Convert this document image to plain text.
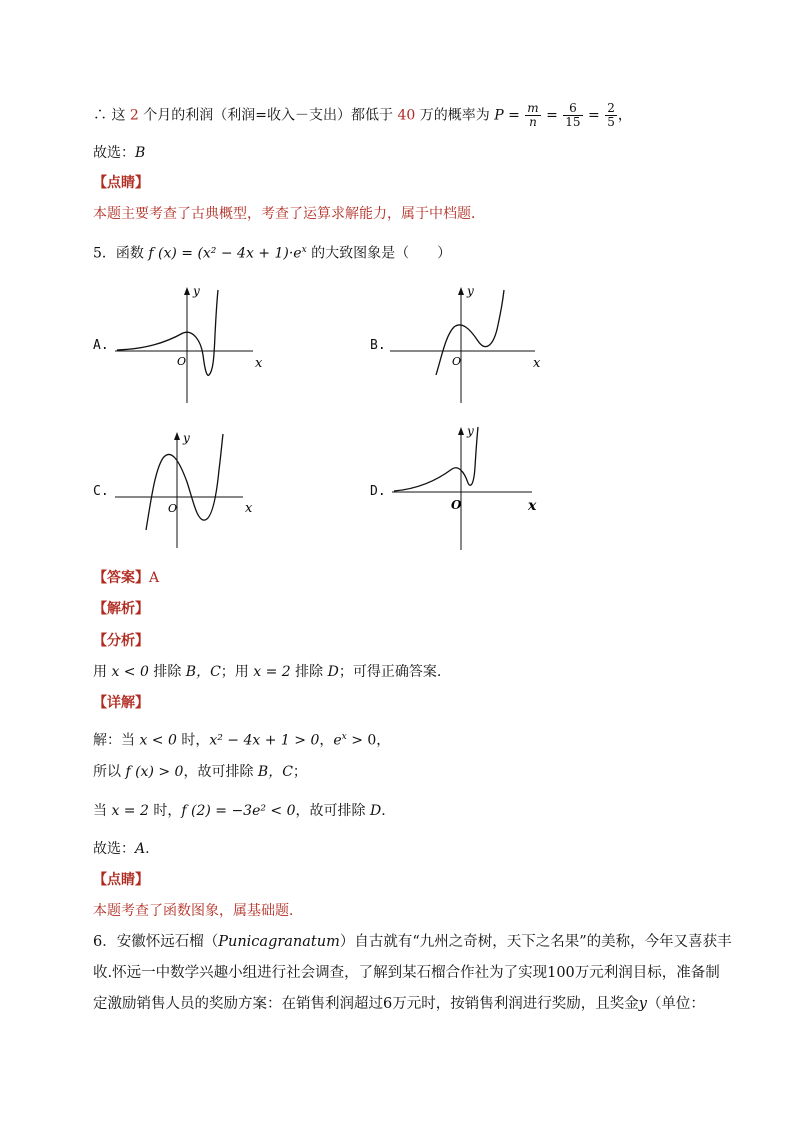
∴ 这 2 个月的利润（利润=收入－支出）都低于 40 万的概率为 $P = \frac{m}{n} = \frac{6}{15} = \frac{2}{5}$ ，
故选：B
【点睛】
本题主要考查了古典概型，考查了运算求解能力，属于中档题．
5．函数 f $(x) = (x^2 - 4x + 1)\cdot e^x$ 的大致图象是（　　）
A.
y
x
O
B.
y
x
O
C.
y
x
O
D.
y
x
O
【答案】A
【解析】
【分析】
用 x < 0 排除 B，C；用 x = 2 排除 D；可得正确答案.
【详解】
解：当 x < 0 时，x² − 4x + 1 > 0，$e^x > 0$，
所以 f (x) > 0，故可排除 B，C；
当 x = 2 时，f (2) = −3e² < 0，故可排除 D.
故选：A.
【点睛】
本题考查了函数图象，属基础题．
6．安徽怀远石榴（Punicagranatum）自古就有“九州之奇树，天下之名果”的美称，今年又喜获丰
收.怀远一中数学兴趣小组进行社会调查，了解到某石榴合作社为了实现100万元利润目标，准备制
定激励销售人员的奖励方案：在销售利润超过6万元时，按销售利润进行奖励，且奖金y（单位：
